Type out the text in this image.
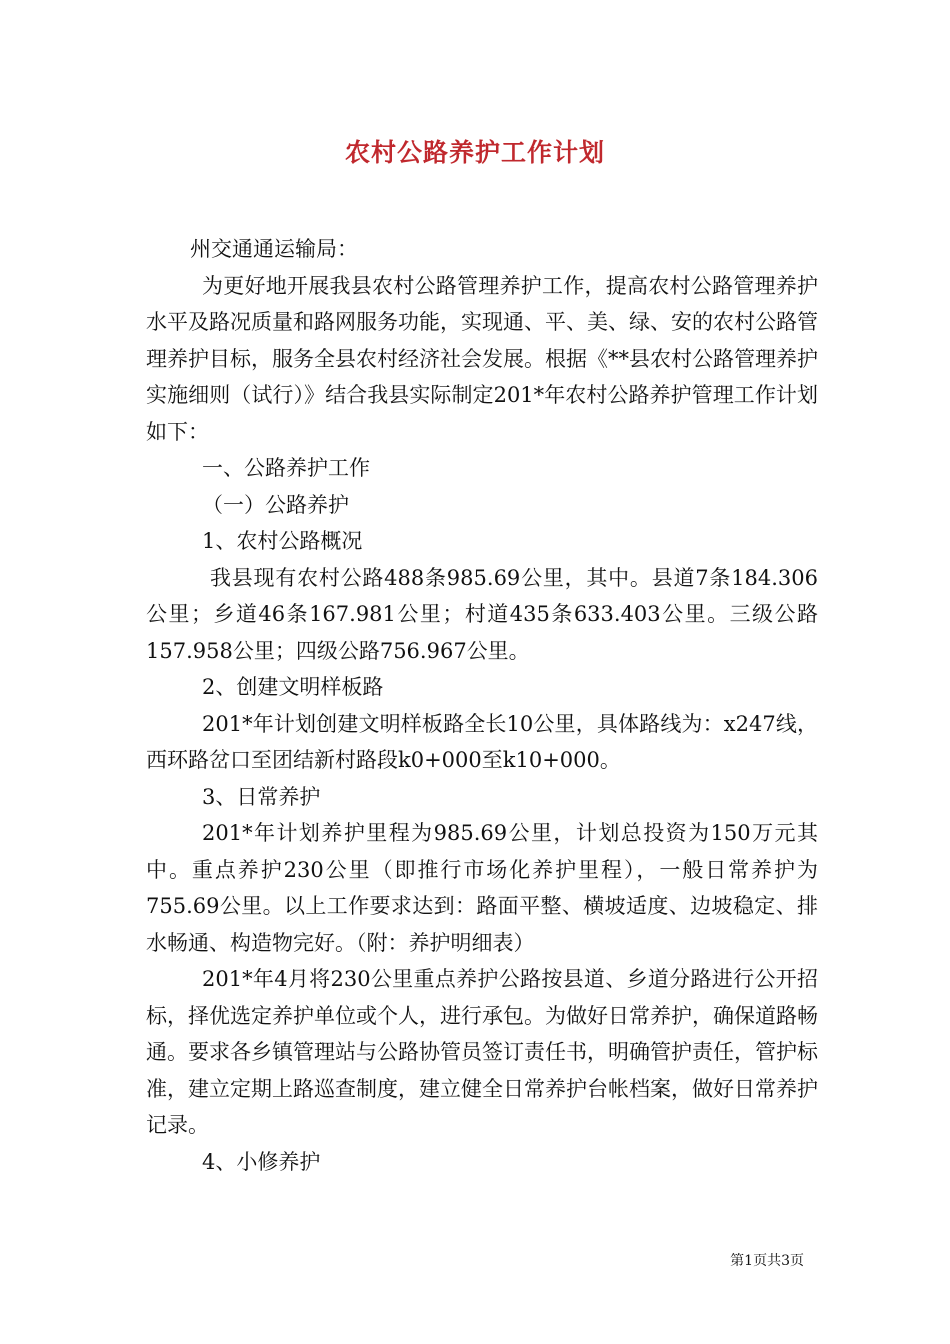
农村公路养护工作计划

州交通通运输局：

为更好地开展我县农村公路管理养护工作，提高农村公路管理养护水平及路况质量和路网服务功能，实现通、平、美、绿、安的农村公路管理养护目标，服务全县农村经济社会发展。根据《**县农村公路管理养护实施细则（试行）》结合我县实际制定201*年农村公路养护管理工作计划如下：

一、公路养护工作

（一）公路养护

1、农村公路概况

我县现有农村公路488条985.69公里，其中。县道7条184.306公里；乡道46条167.981公里；村道435条633.403公里。三级公路157.958公里；四级公路756.967公里。

2、创建文明样板路

201*年计划创建文明样板路全长10公里，具体路线为：x247线，西环路岔口至团结新村路段k0+000至k10+000。

3、日常养护

201*年计划养护里程为985.69公里，计划总投资为150万元其中。重点养护230公里（即推行市场化养护里程），一般日常养护为755.69公里。以上工作要求达到：路面平整、横坡适度、边坡稳定、排水畅通、构造物完好。（附：养护明细表）

201*年4月将230公里重点养护公路按县道、乡道分路进行公开招标，择优选定养护单位或个人，进行承包。为做好日常养护，确保道路畅通。要求各乡镇管理站与公路协管员签订责任书，明确管护责任，管护标准，建立定期上路巡查制度，建立健全日常养护台帐档案，做好日常养护记录。

4、小修养护

第1页共3页
